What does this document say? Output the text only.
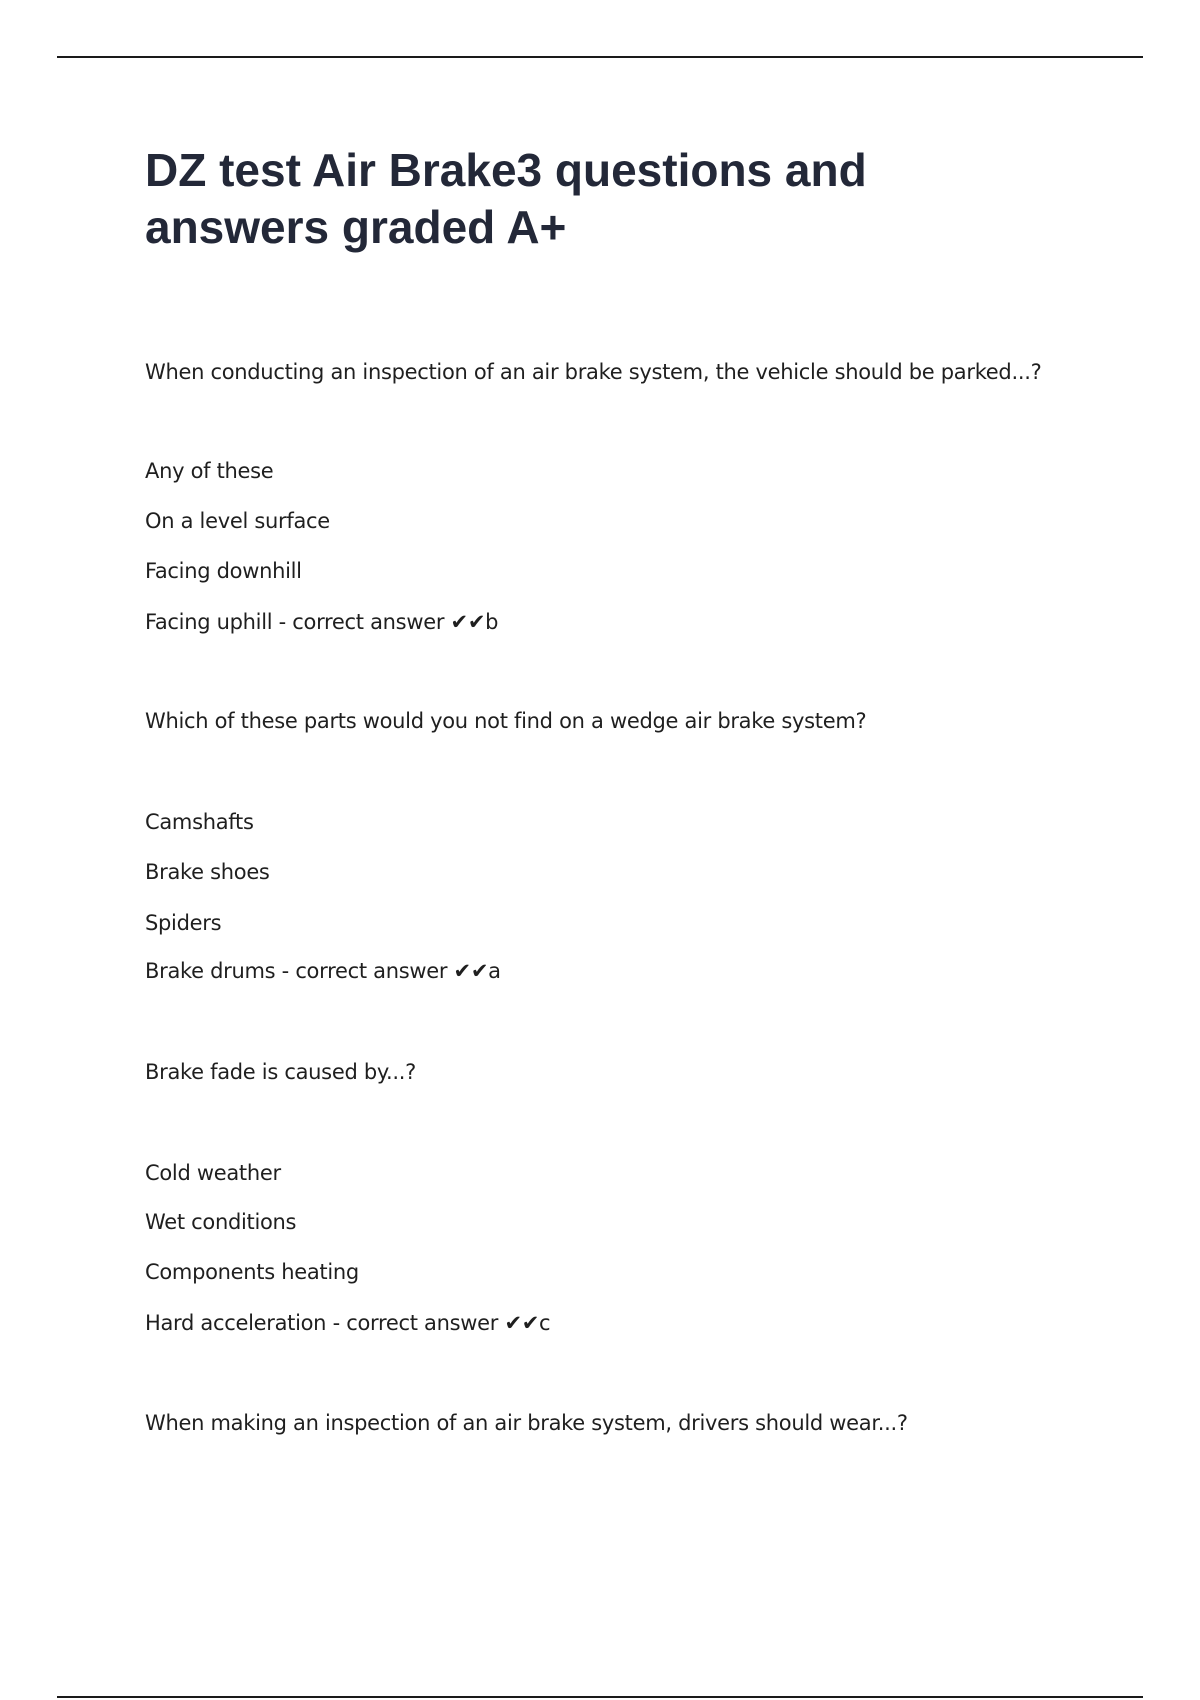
DZ test Air Brake3 questions and answers graded A+

When conducting an inspection of an air brake system, the vehicle should be parked...?

Any of these

On a level surface

Facing downhill

Facing uphill - correct answer ✔✔b

Which of these parts would you not find on a wedge air brake system?

Camshafts

Brake shoes

Spiders

Brake drums - correct answer ✔✔a

Brake fade is caused by...?

Cold weather

Wet conditions

Components heating

Hard acceleration - correct answer ✔✔c

When making an inspection of an air brake system, drivers should wear...?
